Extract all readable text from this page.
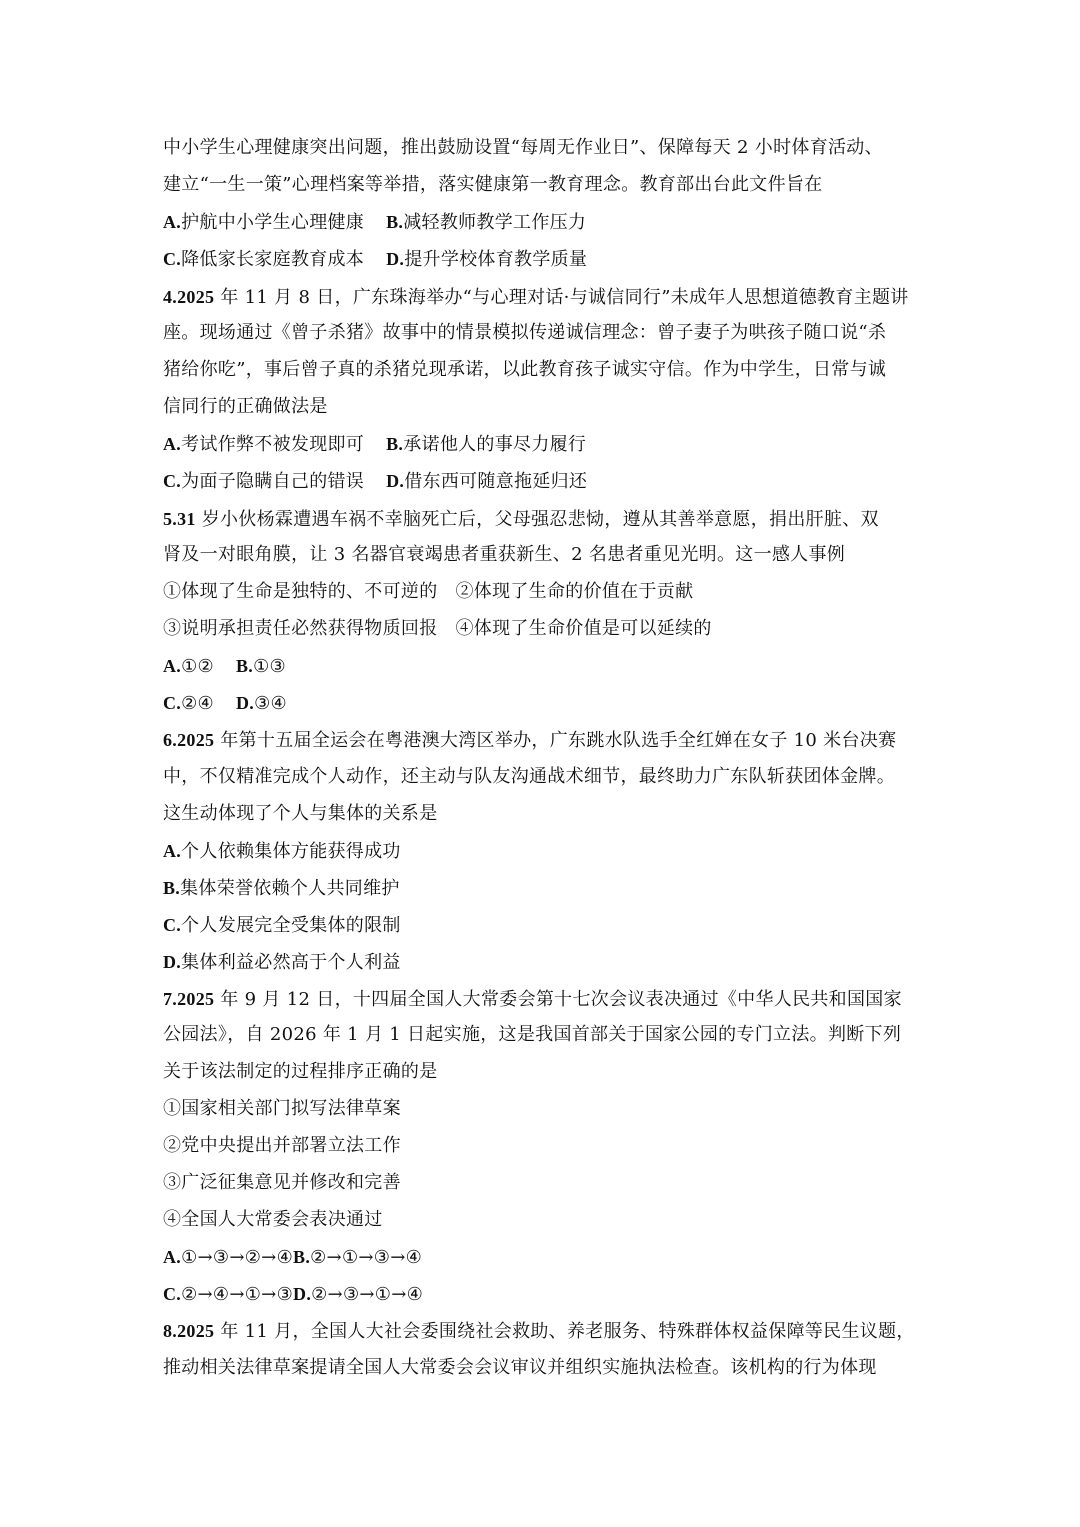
中小学生心理健康突出问题，推出鼓励设置“每周无作业日”、保障每天 2 小时体育活动、
建立“一生一策”心理档案等举措，落实健康第一教育理念。教育部出台此文件旨在
A.护航中小学生心理健康 B.减轻教师教学工作压力
C.降低家长家庭教育成本 D.提升学校体育教学质量
4.2025 年 11 月 8 日，广东珠海举办“与心理对话·与诚信同行”未成年人思想道德教育主题讲
座。现场通过《曾子杀猪》故事中的情景模拟传递诚信理念：曾子妻子为哄孩子随口说“杀
猪给你吃”，事后曾子真的杀猪兑现承诺，以此教育孩子诚实守信。作为中学生，日常与诚
信同行的正确做法是
A.考试作弊不被发现即可 B.承诺他人的事尽力履行
C.为面子隐瞒自己的错误 D.借东西可随意拖延归还
5.31 岁小伙杨霖遭遇车祸不幸脑死亡后，父母强忍悲恸，遵从其善举意愿，捐出肝脏、双
肾及一对眼角膜，让 3 名器官衰竭患者重获新生、2 名患者重见光明。这一感人事例
①体现了生命是独特的、不可逆的 ②体现了生命的价值在于贡献
③说明承担责任必然获得物质回报 ④体现了生命价值是可以延续的
A.①② B.①③
C.②④ D.③④
6.2025 年第十五届全运会在粤港澳大湾区举办，广东跳水队选手全红婵在女子 10 米台决赛
中，不仅精准完成个人动作，还主动与队友沟通战术细节，最终助力广东队斩获团体金牌。
这生动体现了个人与集体的关系是
A.个人依赖集体方能获得成功
B.集体荣誉依赖个人共同维护
C.个人发展完全受集体的限制
D.集体利益必然高于个人利益
7.2025 年 9 月 12 日，十四届全国人大常委会第十七次会议表决通过《中华人民共和国国家
公园法》，自 2026 年 1 月 1 日起实施，这是我国首部关于国家公园的专门立法。判断下列
关于该法制定的过程排序正确的是
①国家相关部门拟写法律草案
②党中央提出并部署立法工作
③广泛征集意见并修改和完善
④全国人大常委会表决通过
A.①→③→②→④B.②→①→③→④
C.②→④→①→③D.②→③→①→④
8.2025 年 11 月，全国人大社会委围绕社会救助、养老服务、特殊群体权益保障等民生议题，
推动相关法律草案提请全国人大常委会会议审议并组织实施执法检查。该机构的行为体现
